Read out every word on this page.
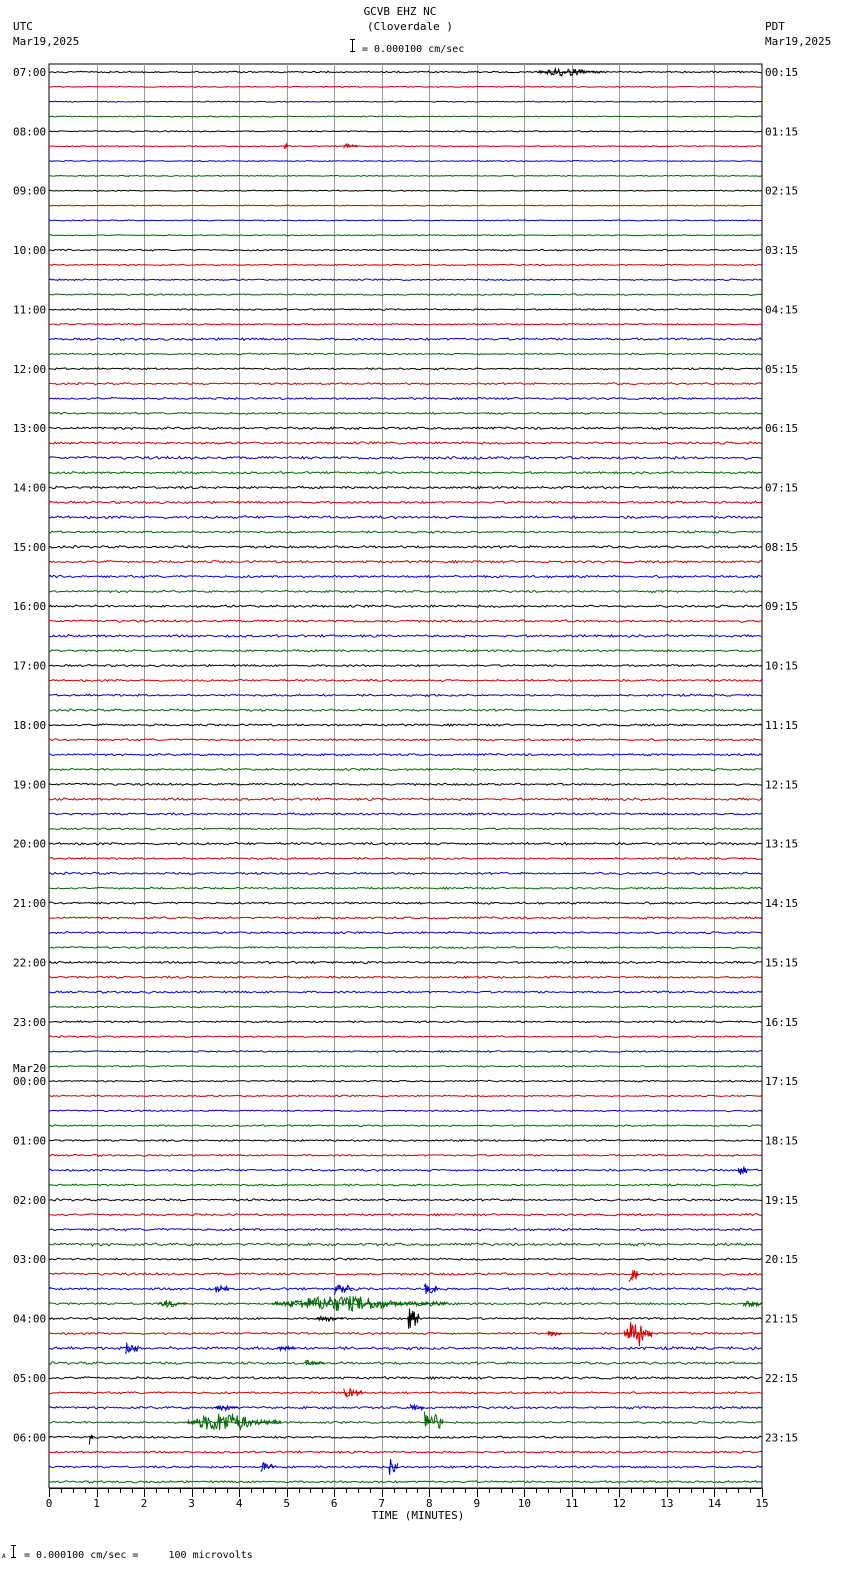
UTC
Mar19,2025
GCVB EHZ NC
(Cloverdale )
= 0.000100 cm/sec
PDT
Mar19,2025
0	1	2	3	4	5	6	7	8	9	10	11	12	13	14	15
07:00
08:00
09:00
10:00
11:00
12:00
13:00
14:00
15:00
16:00
17:00
18:00
19:00
20:00
21:00
22:00
23:00
00:00
01:00
02:00
03:00
04:00
05:00
06:00
Mar20
00:15
01:15
02:15
03:15
04:15
05:15
06:15
07:15
08:15
09:15
10:15
11:15
12:15
13:15
14:15
15:15
16:15
17:15
18:15
19:15
20:15
21:15
22:15
23:15
TIME (MINUTES)
A = 0.000100 cm/sec =     100 microvolts
